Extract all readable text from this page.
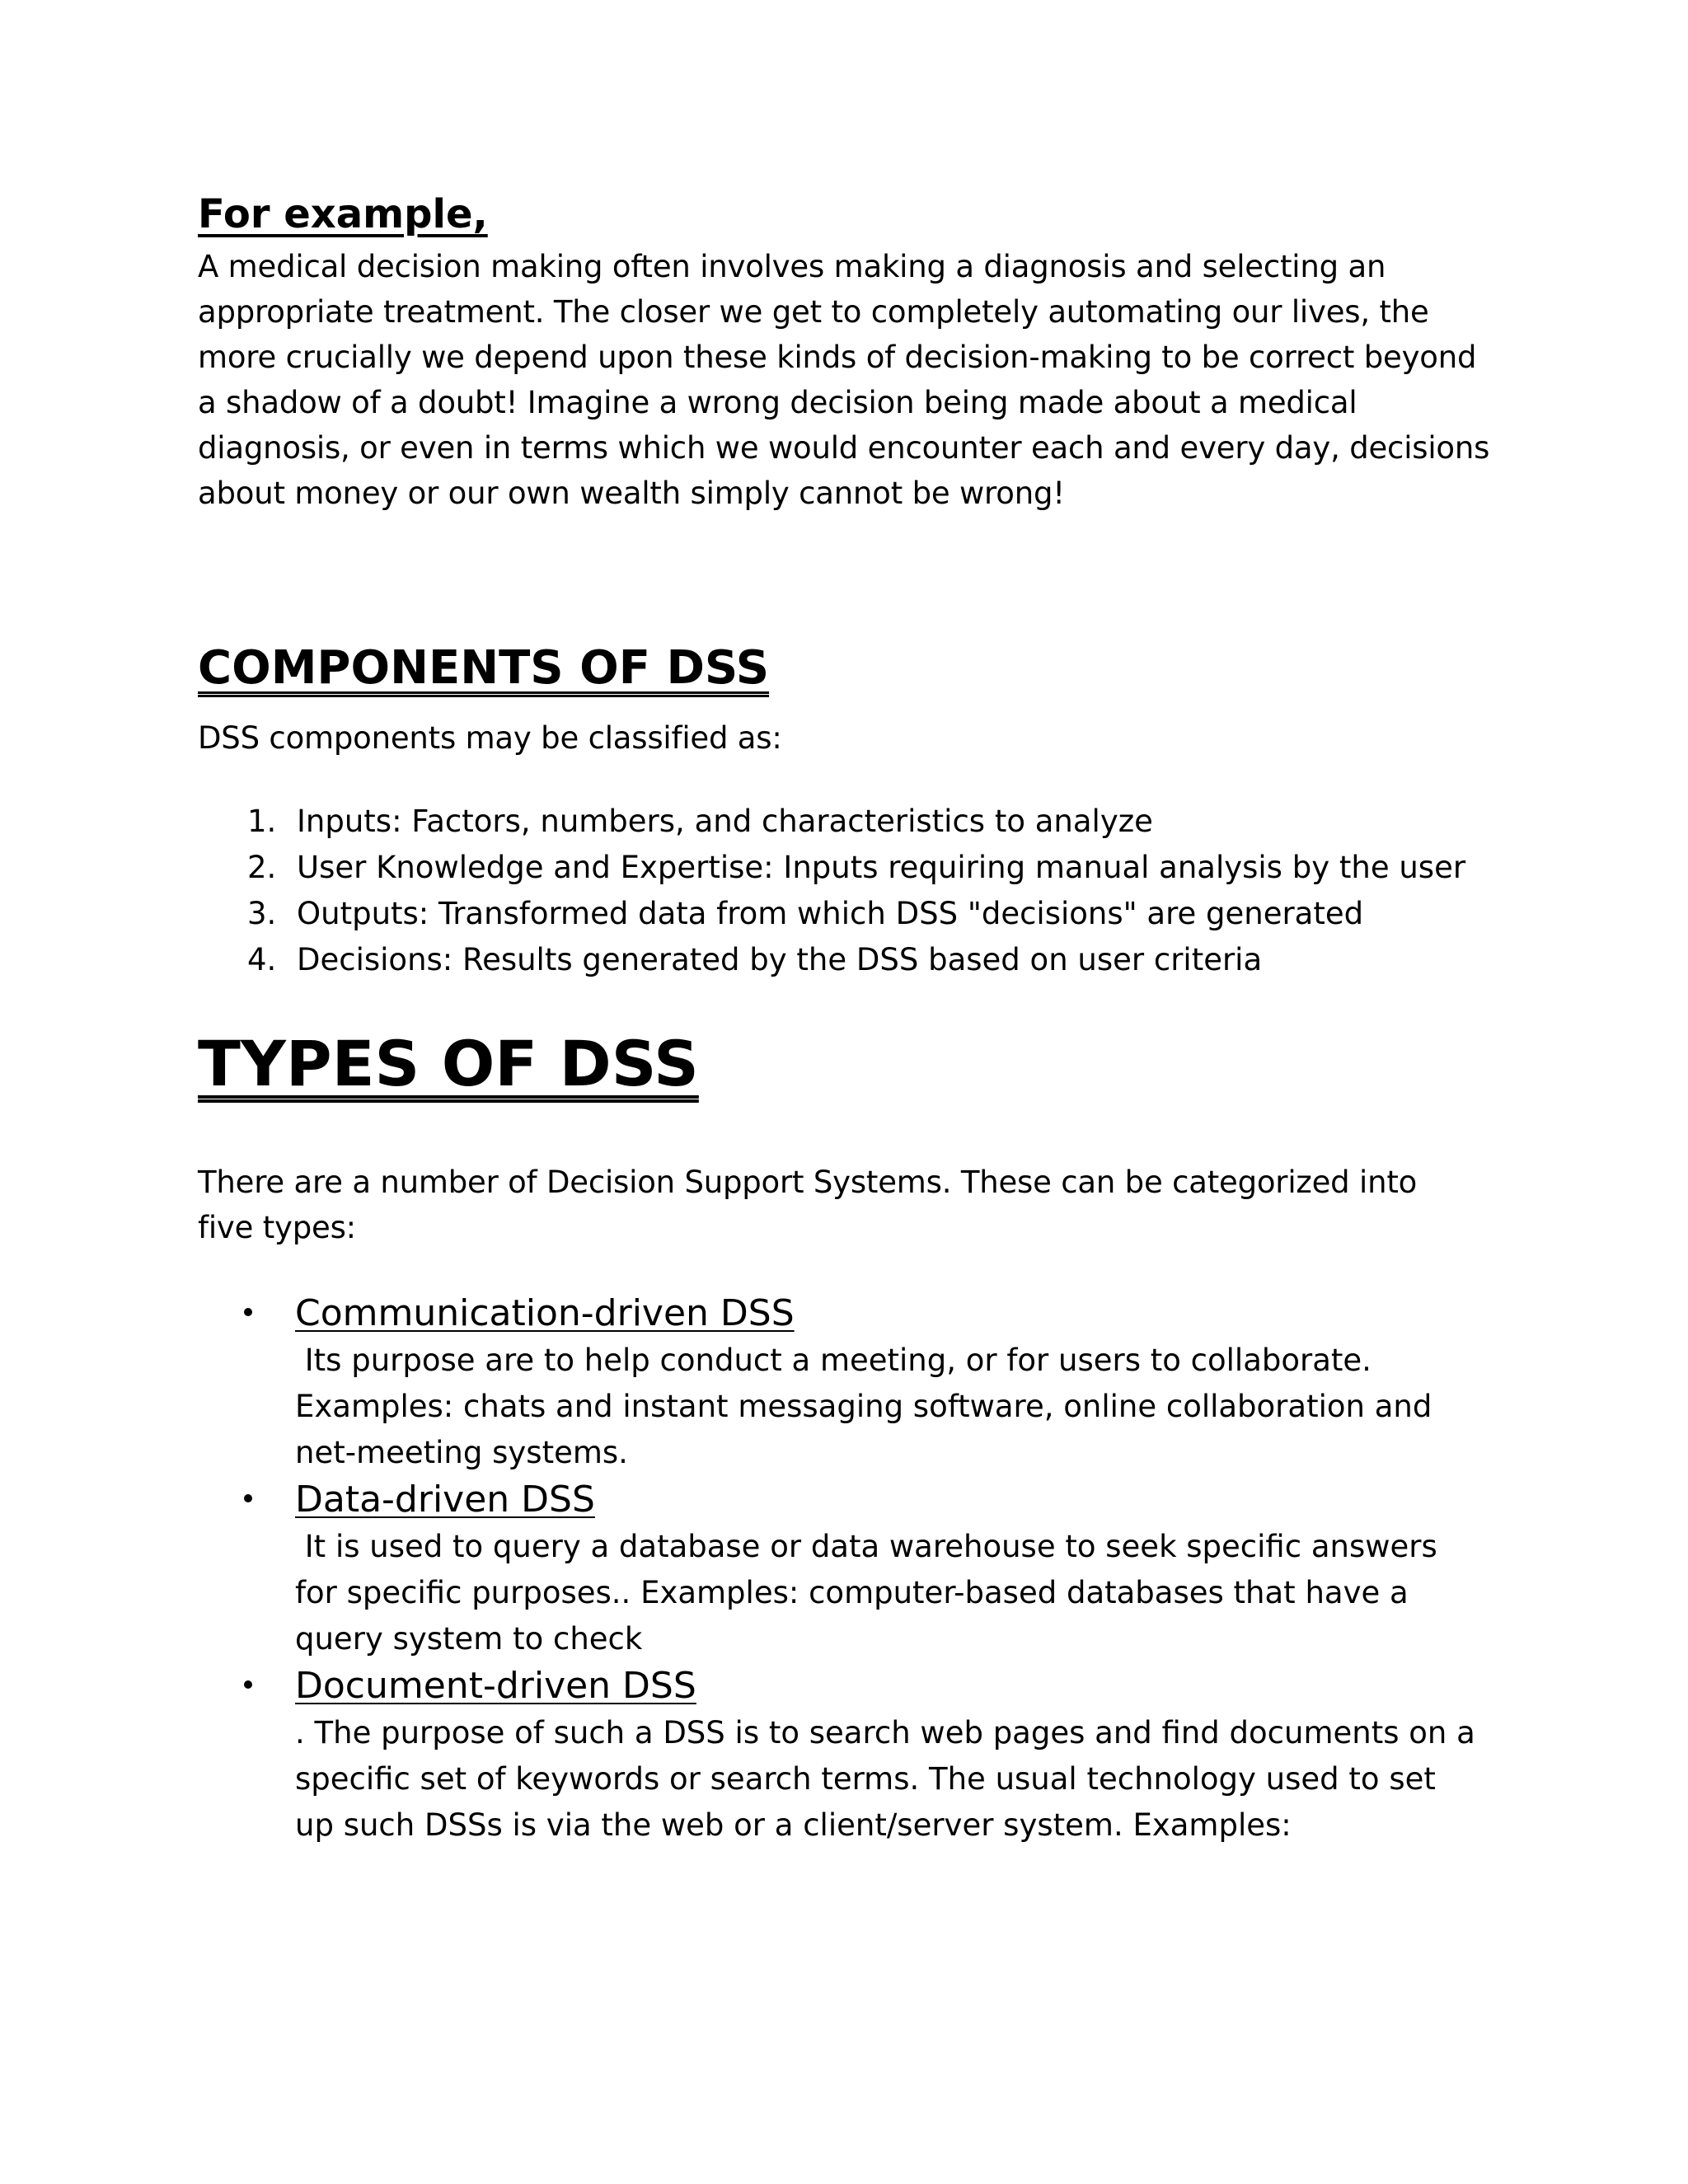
For example,

A medical decision making often involves making a diagnosis and selecting an
appropriate treatment. The closer we get to completely automating our lives, the
more crucially we depend upon these kinds of decision-making to be correct beyond
a shadow of a doubt! Imagine a wrong decision being made about a medical
diagnosis, or even in terms which we would encounter each and every day, decisions
about money or our own wealth simply cannot be wrong!

COMPONENTS OF DSS

DSS components may be classified as:

1. Inputs: Factors, numbers, and characteristics to analyze
2. User Knowledge and Expertise: Inputs requiring manual analysis by the user
3. Outputs: Transformed data from which DSS "decisions" are generated
4. Decisions: Results generated by the DSS based on user criteria
TYPES OF DSS

There are a number of Decision Support Systems. These can be categorized into
five types:

Communication-driven DSS
Its purpose are to help conduct a meeting, or for users to collaborate.
Examples: chats and instant messaging software, online collaboration and
net-meeting systems.
Data-driven DSS
It is used to query a database or data warehouse to seek specific answers
for specific purposes.. Examples: computer-based databases that have a
query system to check
Document-driven DSS
. The purpose of such a DSS is to search web pages and find documents on a
specific set of keywords or search terms. The usual technology used to set
up such DSSs is via the web or a client/server system. Examples:
